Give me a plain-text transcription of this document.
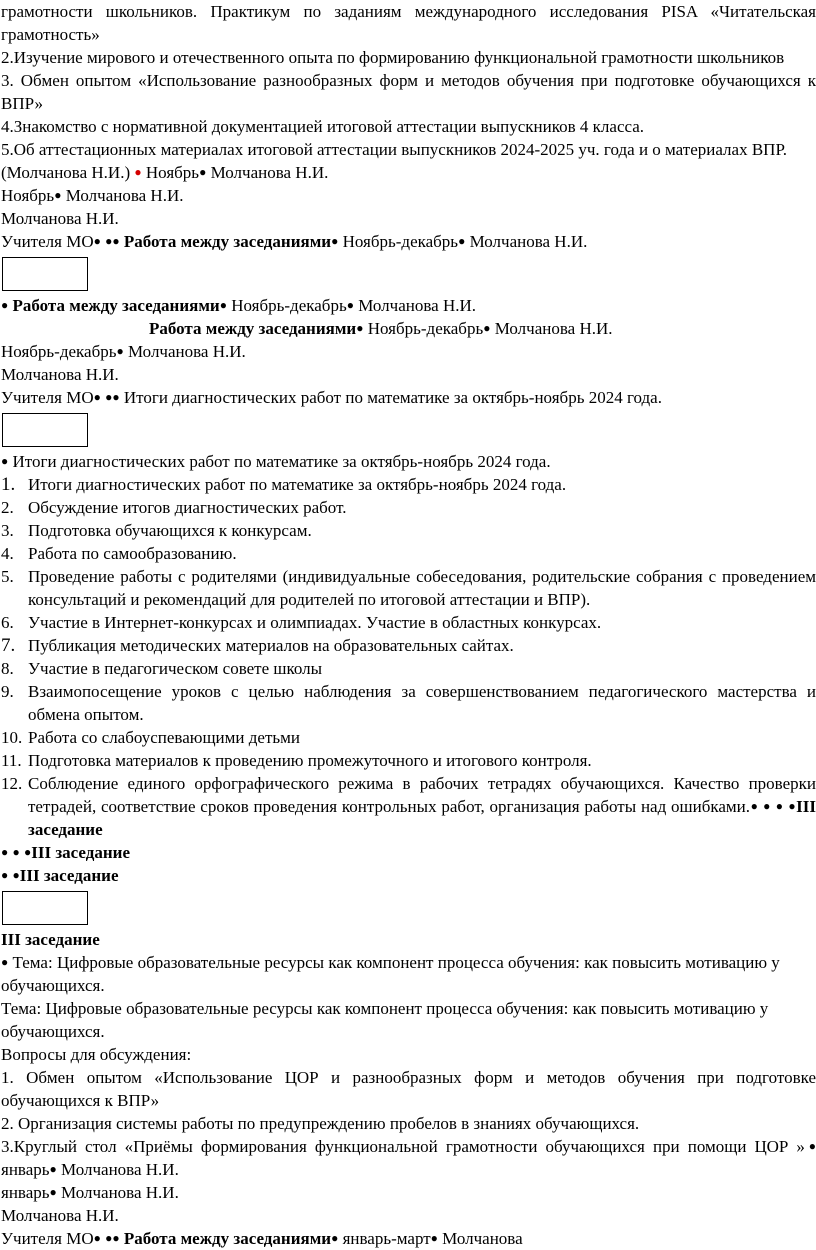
грамотности школьников. Практикум по заданиям международного исследования PISA «Читательская грамотность»

2.Изучение мирового и отечественного опыта по формированию функциональной грамотности школьников

3. Обмен опытом «Использование разнообразных форм и методов обучения при подготовке обучающихся к ВПР»

4.Знакомство с нормативной документацией итоговой аттестации выпускников 4 класса.

5.Об аттестационных материалах итоговой аттестации выпускников 2024-2025 уч. года и о материалах ВПР. (Молчанова Н.И.) ● Ноябрь● Молчанова Н.И.

Ноябрь● Молчанова Н.И.

Молчанова Н.И.

Учителя МО● ●● Работа между заседаниями● Ноябрь-декабрь● Молчанова Н.И.

● Работа между заседаниями● Ноябрь-декабрь● Молчанова Н.И.

Работа между заседаниями● Ноябрь-декабрь● Молчанова Н.И.

Ноябрь-декабрь● Молчанова Н.И.

Молчанова Н.И.

Учителя МО● ●● Итоги диагностических работ по математике за октябрь-ноябрь 2024 года.

● Итоги диагностических работ по математике за октябрь-ноябрь 2024 года.

1. Итоги диагностических работ по математике за октябрь-ноябрь 2024 года.
2. Обсуждение итогов диагностических работ.
3. Подготовка обучающихся к конкурсам.
4. Работа по самообразованию.
5. Проведение работы с родителями (индивидуальные собеседования, родительские собрания с проведением консультаций и рекомендаций для родителей по итоговой аттестации и ВПР).
6. Участие в Интернет-конкурсах и олимпиадах. Участие в областных конкурсах.
7. Публикация методических материалов на образовательных сайтах.
8. Участие в педагогическом совете школы
9. Взаимопосещение уроков с целью наблюдения за совершенствованием педагогического мастерства и обмена опытом.
10. Работа со слабоуспевающими детьми
11. Подготовка материалов к проведению промежуточного и итогового контроля.
12. Соблюдение единого орфографического режима в рабочих тетрадях обучающихся. Качество проверки тетрадей, соответствие сроков проведения контрольных работ, организация работы над ошибками.● ● ● ●III заседание

● ● ●III заседание

● ●III заседание

III заседание

● Тема: Цифровые образовательные ресурсы как компонент процесса обучения: как повысить мотивацию у обучающихся.

Тема: Цифровые образовательные ресурсы как компонент процесса обучения: как повысить мотивацию у обучающихся.

Вопросы для обсуждения:

1. Обмен опытом «Использование ЦОР и разнообразных форм и методов обучения при подготовке обучающихся к ВПР»

2. Организация системы работы по предупреждению пробелов в знаниях обучающихся.

3.Круглый стол «Приёмы формирования функциональной грамотности обучающихся при помощи ЦОР »● январь● Молчанова Н.И.

январь● Молчанова Н.И.

Молчанова Н.И.

Учителя МО● ●● Работа между заседаниями● январь-март● Молчанова
